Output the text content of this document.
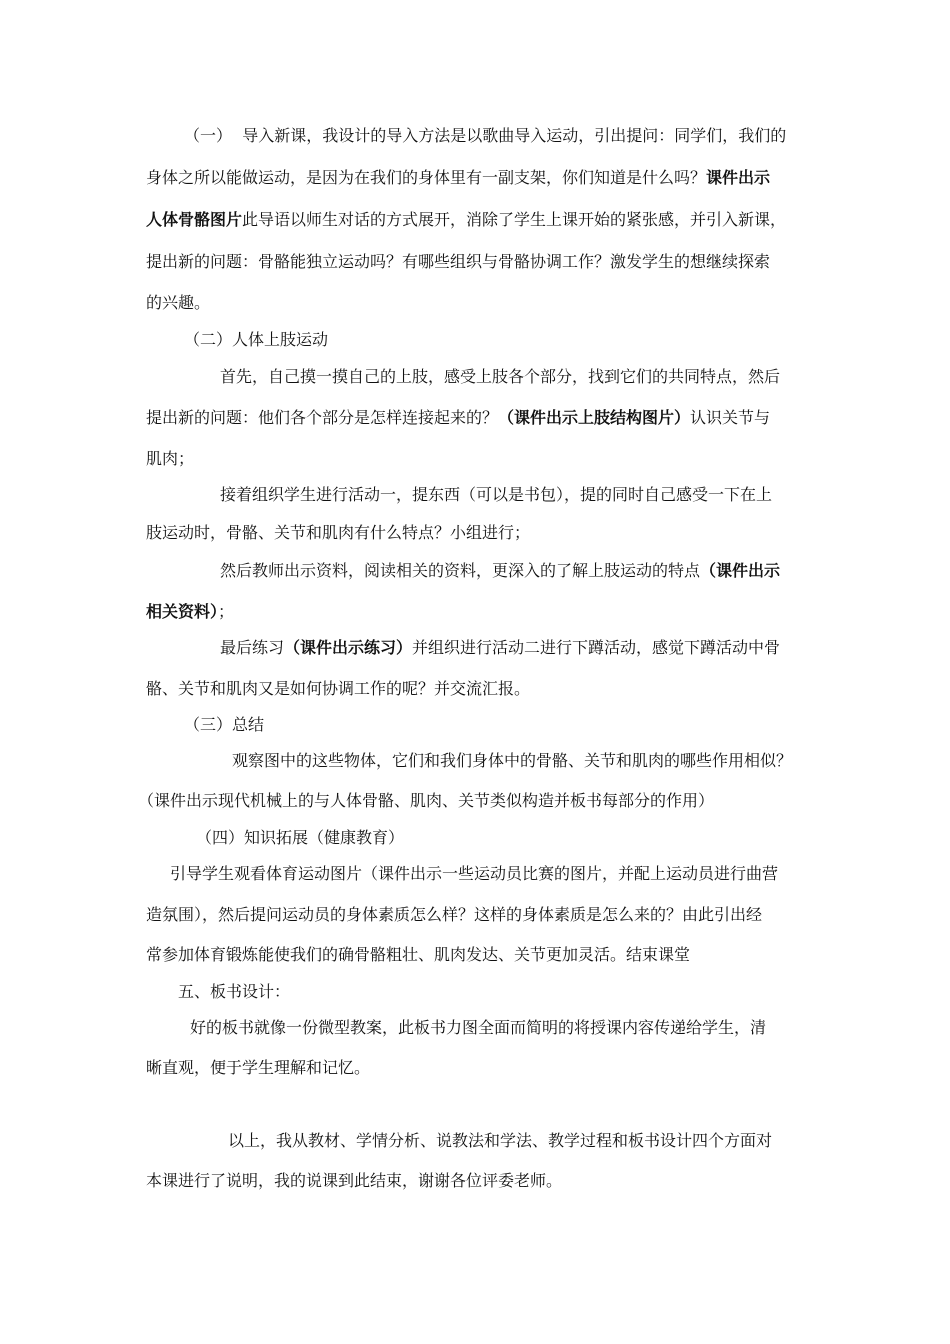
（一）  导入新课，我设计的导入方法是以歌曲导入运动，引出提问：同学们，我们的
身体之所以能做运动，是因为在我们的身体里有一副支架，你们知道是什么吗？课件出示
人体骨骼图片此导语以师生对话的方式展开，消除了学生上课开始的紧张感，并引入新课，
提出新的问题：骨骼能独立运动吗？有哪些组织与骨骼协调工作？激发学生的想继续探索
的兴趣。
（二）人体上肢运动
首先，自己摸一摸自己的上肢，感受上肢各个部分，找到它们的共同特点，然后
提出新的问题：他们各个部分是怎样连接起来的？（课件出示上肢结构图片）认识关节与
肌肉；
接着组织学生进行活动一，提东西（可以是书包），提的同时自己感受一下在上
肢运动时，骨骼、关节和肌肉有什么特点？小组进行；
然后教师出示资料，阅读相关的资料，更深入的了解上肢运动的特点（课件出示
相关资料）；
最后练习（课件出示练习）并组织进行活动二进行下蹲活动，感觉下蹲活动中骨
骼、关节和肌肉又是如何协调工作的呢？并交流汇报。
（三）总结
观察图中的这些物体，它们和我们身体中的骨骼、关节和肌肉的哪些作用相似？
（课件出示现代机械上的与人体骨骼、肌肉、关节类似构造并板书每部分的作用）
（四）知识拓展（健康教育）
引导学生观看体育运动图片（课件出示一些运动员比赛的图片，并配上运动员进行曲营
造氛围），然后提问运动员的身体素质怎么样？这样的身体素质是怎么来的？由此引出经
常参加体育锻炼能使我们的确骨骼粗壮、肌肉发达、关节更加灵活。结束课堂
五、板书设计：
好的板书就像一份微型教案，此板书力图全面而简明的将授课内容传递给学生，清
晰直观，便于学生理解和记忆。
以上，我从教材、学情分析、说教法和学法、教学过程和板书设计四个方面对
本课进行了说明，我的说课到此结束，谢谢各位评委老师。
